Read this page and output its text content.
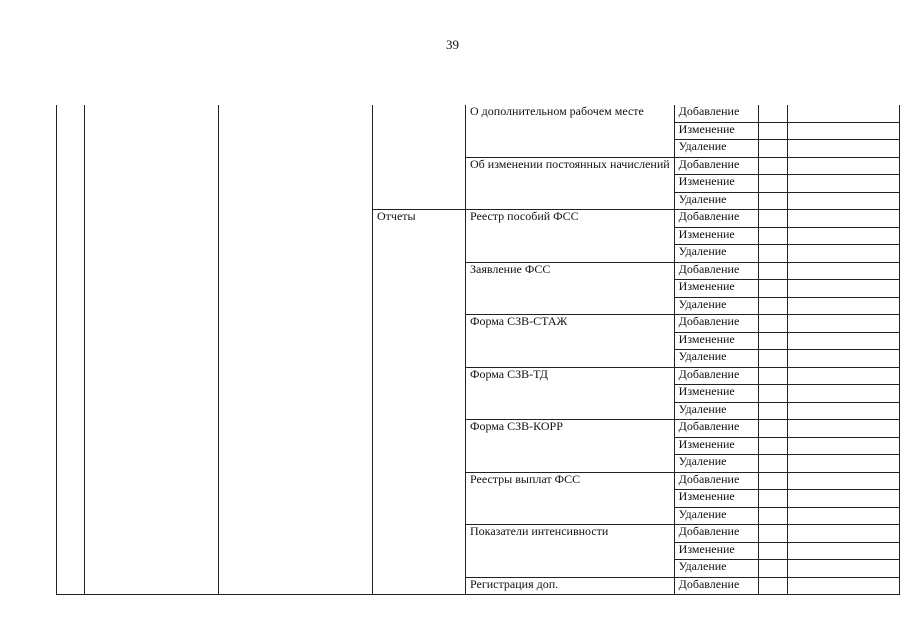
39
				О дополнительном рабочем месте	Добавление		
					Изменение		
					Удаление		
				Об изменении постоянных начислений	Добавление		
					Изменение		
					Удаление		
			Отчеты	Реестр пособий ФСС	Добавление		
					Изменение		
					Удаление		
				Заявление ФСС	Добавление		
					Изменение		
					Удаление		
				Форма СЗВ-СТАЖ	Добавление		
					Изменение		
					Удаление		
				Форма СЗВ-ТД	Добавление		
					Изменение		
					Удаление		
				Форма СЗВ-КОРР	Добавление		
					Изменение		
					Удаление		
				Реестры выплат ФСС	Добавление		
					Изменение		
					Удаление		
				Показатели интенсивности	Добавление		
					Изменение		
					Удаление		
				Регистрация доп.	Добавление		
